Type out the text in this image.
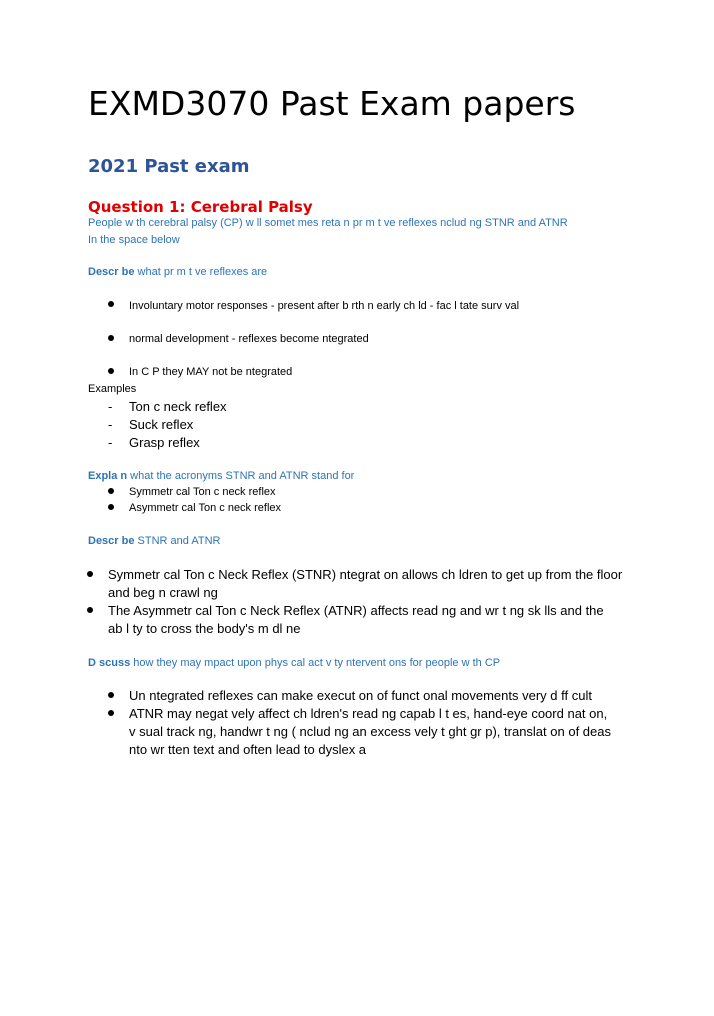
EXMD3070 Past Exam papers
2021 Past exam
Question 1: Cerebral Palsy
People w th cerebral palsy (CP) w ll somet mes reta n pr m t ve reflexes nclud ng STNR and ATNR
In the space below
Descr be what pr m t ve reflexes are
Involuntary motor responses - present after b rth n early ch ld - fac l tate surv val
normal development - reflexes become ntegrated
In C P they MAY not be ntegrated
Examples
- Ton c neck reflex
- Suck reflex
- Grasp reflex
Expla n what the acronyms STNR and ATNR stand for
Symmetr cal Ton c neck reflex
Asymmetr cal Ton c neck reflex
Descr be STNR and ATNR
Symmetr cal Ton c Neck Reflex (STNR) ntegrat on allows ch ldren to get up from the floor
and beg n crawl ng
The Asymmetr cal Ton c Neck Reflex (ATNR) affects read ng and wr t ng sk lls and the
ab l ty to cross the body's m dl ne
D scuss how they may mpact upon phys cal act v ty ntervent ons for people w th CP
Un ntegrated reflexes can make execut on of funct onal movements very d ff cult
ATNR may negat vely affect ch ldren's read ng capab l t es, hand-eye coord nat on,
v sual track ng, handwr t ng ( nclud ng an excess vely t ght gr p), translat on of deas
nto wr tten text and often lead to dyslex a
